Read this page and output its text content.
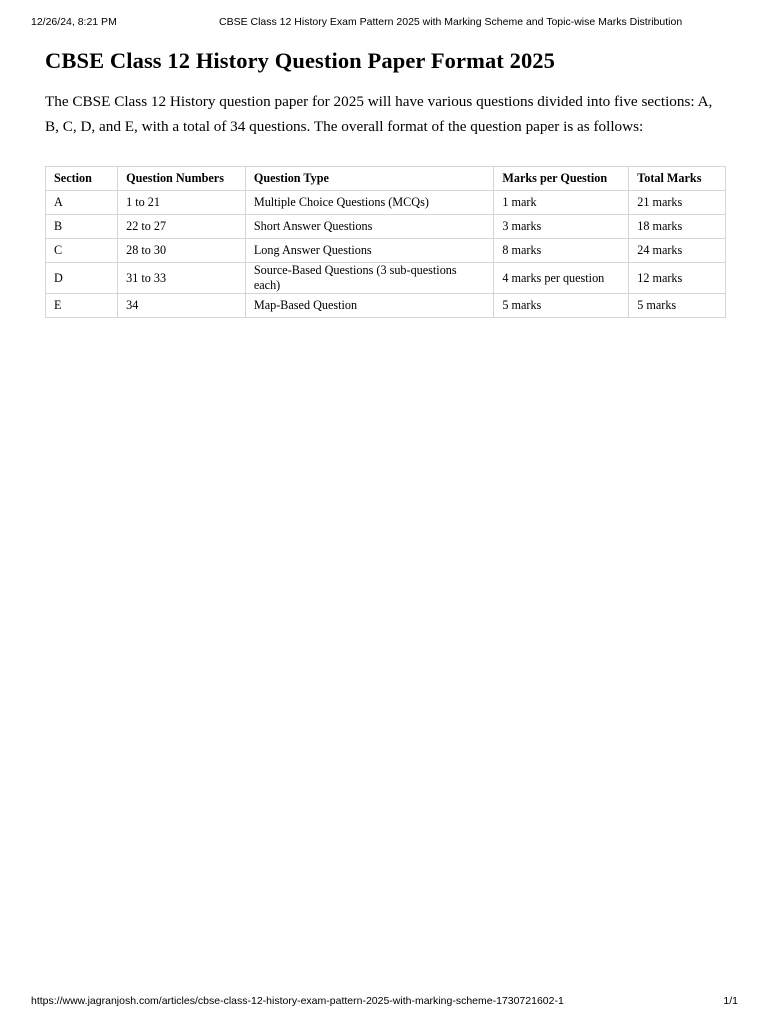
12/26/24, 8:21 PM	CBSE Class 12 History Exam Pattern 2025 with Marking Scheme and Topic-wise Marks Distribution
CBSE Class 12 History Question Paper Format 2025

The CBSE Class 12 History question paper for 2025 will have various questions divided into five sections: A, B, C, D, and E, with a total of 34 questions. The overall format of the question paper is as follows:

Section	Question Numbers	Question Type	Marks per Question	Total Marks
A	1 to 21	Multiple Choice Questions (MCQs)	1 mark	21 marks
B	22 to 27	Short Answer Questions	3 marks	18 marks
C	28 to 30	Long Answer Questions	8 marks	24 marks
D	31 to 33	Source-Based Questions (3 sub-questions each)	4 marks per question	12 marks
E	34	Map-Based Question	5 marks	5 marks
https://www.jagranjosh.com/articles/cbse-class-12-history-exam-pattern-2025-with-marking-scheme-1730721602-1	1/1
